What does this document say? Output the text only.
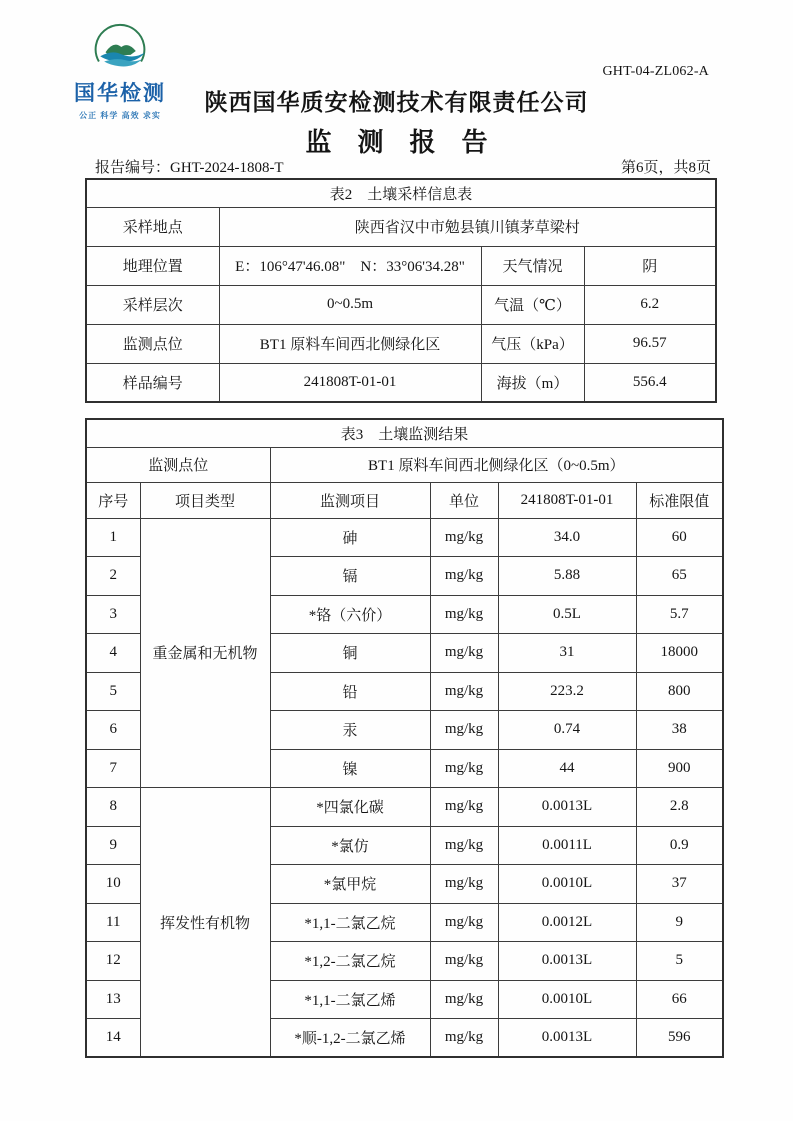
国华检测
公正 科学 高效 求实
GHT-04-ZL062-A
陕西国华质安检测技术有限责任公司
监　测　报　告
报告编号：GHT-2024-1808-T	第6页，共8页
表2　土壤采样信息表			
采样地点	陕西省汉中市勉县镇川镇茅草梁村		
地理位置	E：106°47'46.08"　N：33°06'34.28"	天气情况	阴
采样层次	0~0.5m	气温（℃）	6.2
监测点位	BT1 原料车间西北侧绿化区	气压（kPa）	96.57
样品编号	241808T-01-01	海拔（m）	556.4
表3　土壤监测结果					
监测点位		BT1 原料车间西北侧绿化区（0~0.5m）			
序号	项目类型	监测项目	单位	241808T-01-01	标准限值
1	重金属和无机物	砷	mg/kg	34.0	60
2		镉	mg/kg	5.88	65
3		*铬（六价）	mg/kg	0.5L	5.7
4		铜	mg/kg	31	18000
5		铅	mg/kg	223.2	800
6		汞	mg/kg	0.74	38
7		镍	mg/kg	44	900
8	挥发性有机物	*四氯化碳	mg/kg	0.0013L	2.8
9		*氯仿	mg/kg	0.0011L	0.9
10		*氯甲烷	mg/kg	0.0010L	37
11		*1,1-二氯乙烷	mg/kg	0.0012L	9
12		*1,2-二氯乙烷	mg/kg	0.0013L	5
13		*1,1-二氯乙烯	mg/kg	0.0010L	66
14		*顺-1,2-二氯乙烯	mg/kg	0.0013L	596
